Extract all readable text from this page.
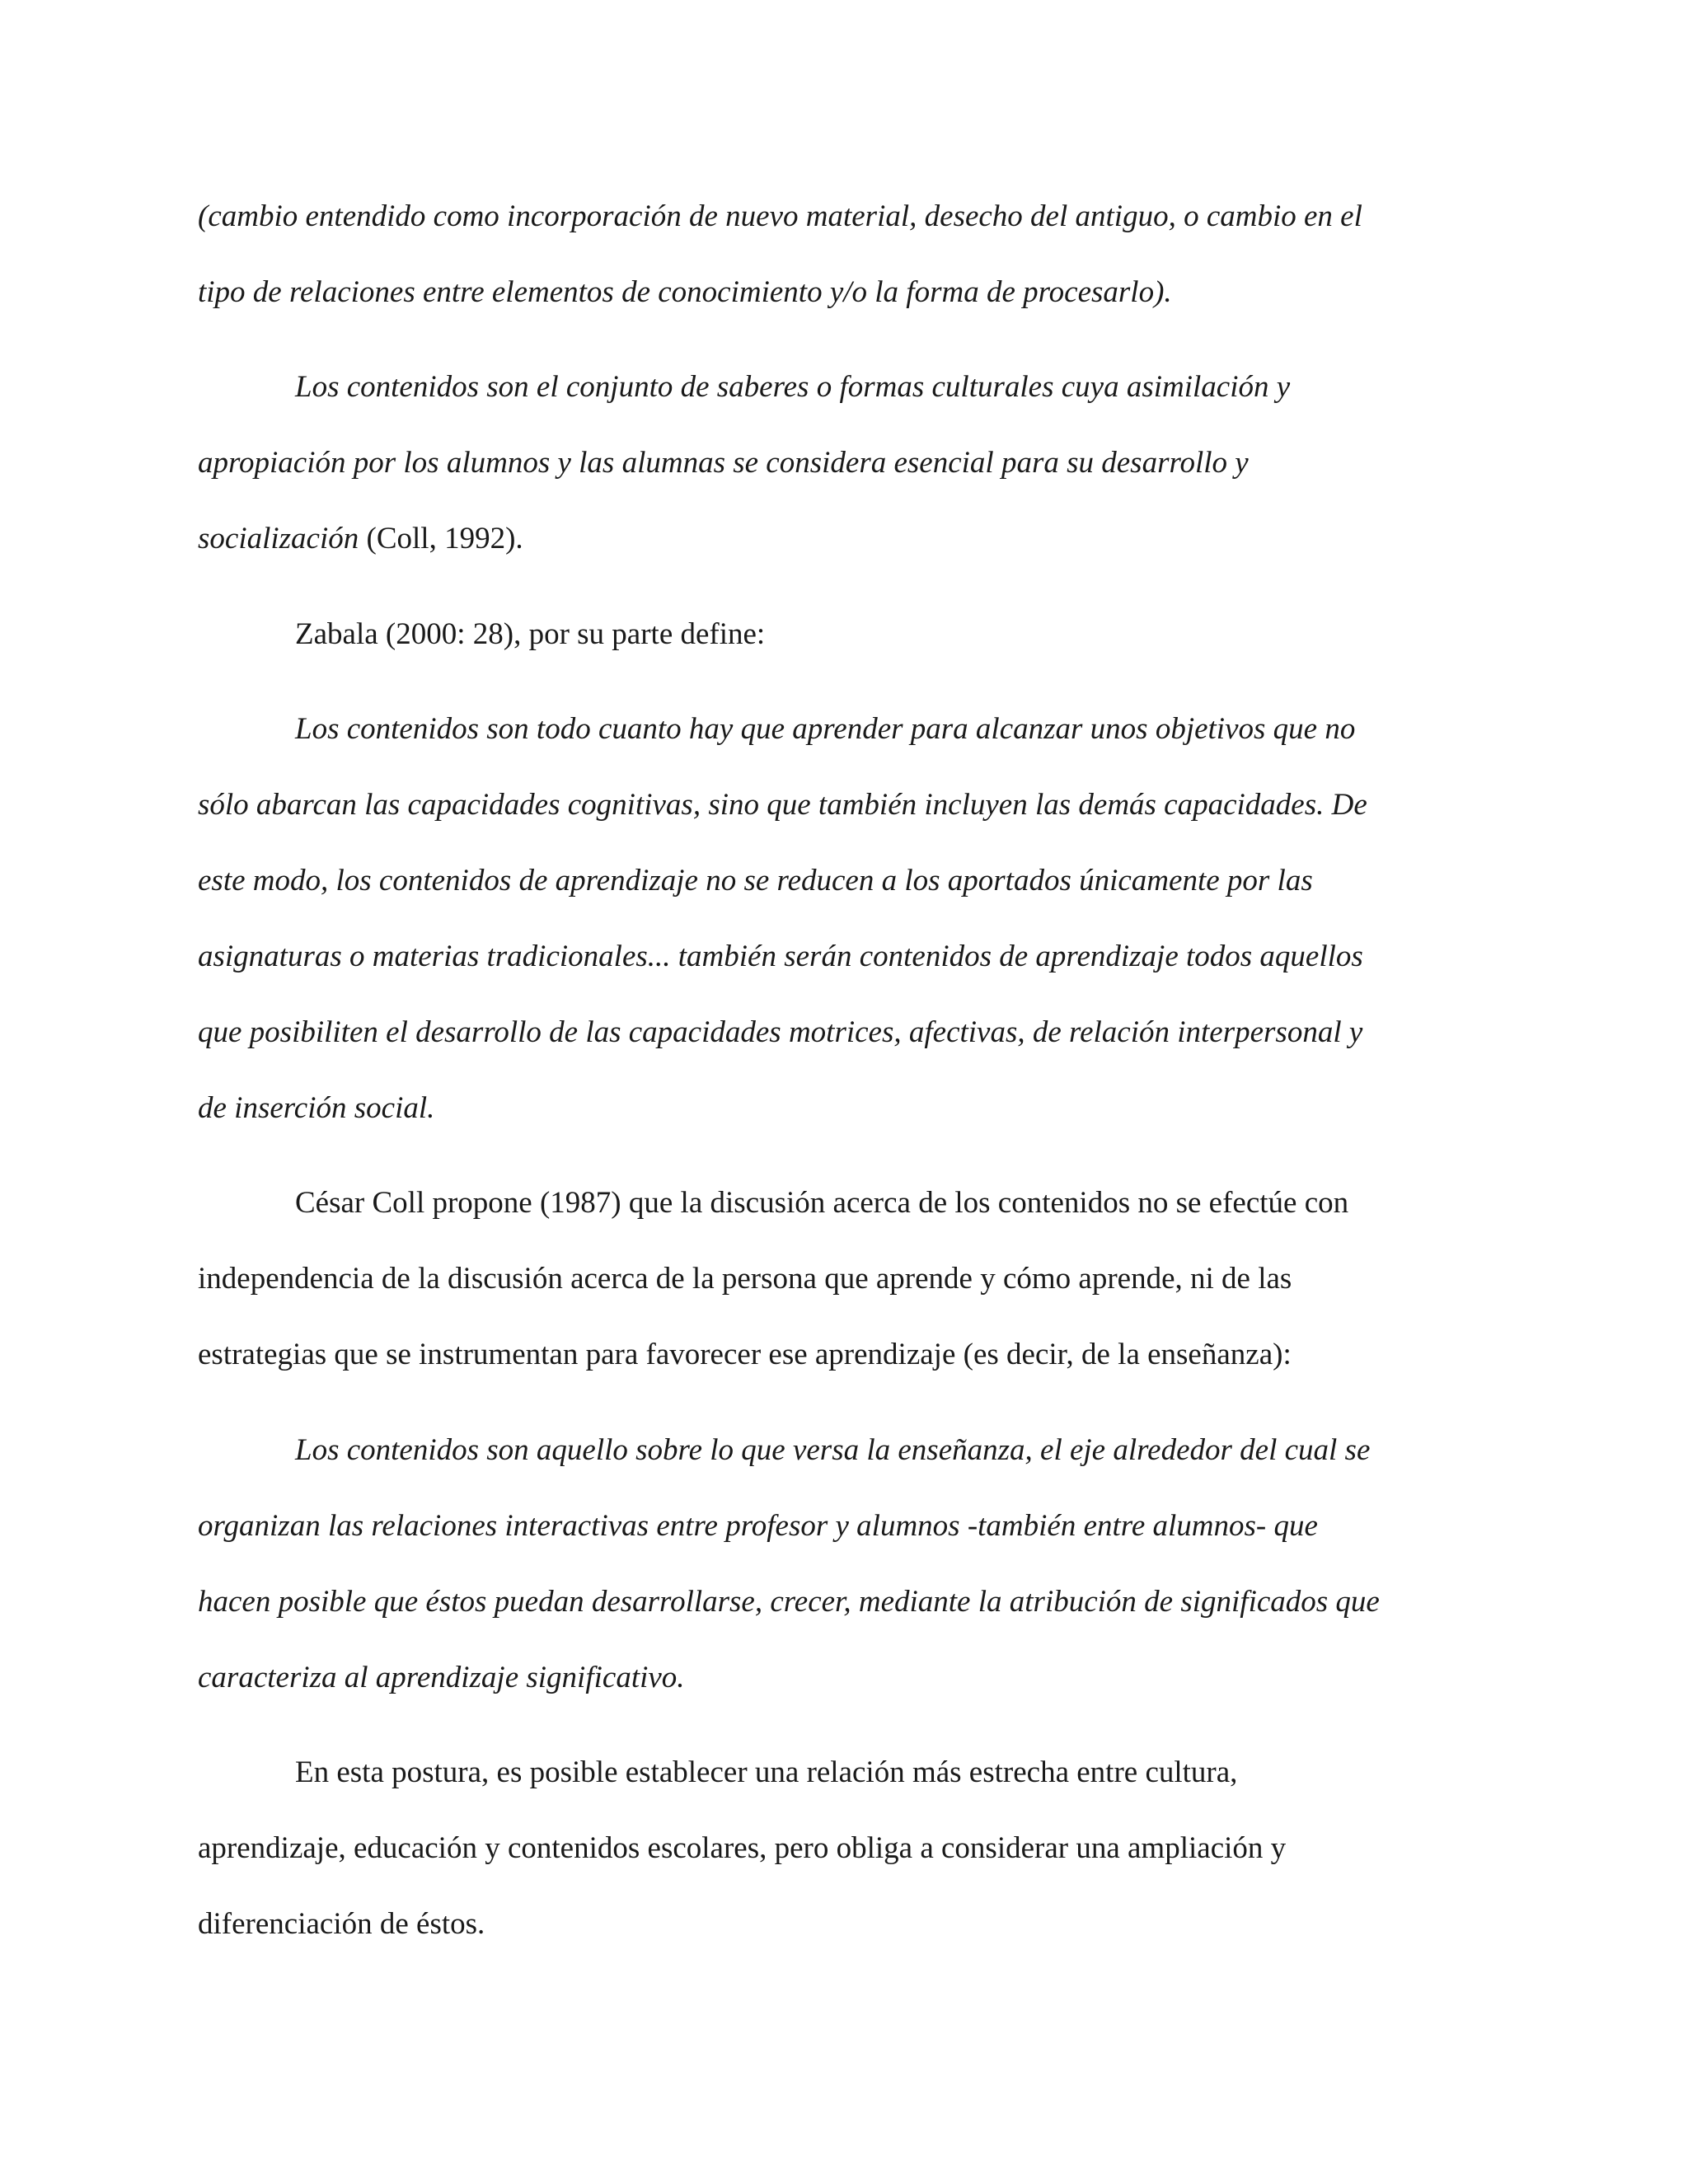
(cambio entendido como incorporación de nuevo material, desecho del antiguo, o cambio en el

tipo de relaciones entre elementos de conocimiento y/o la forma de procesarlo).

Los contenidos son el conjunto de saberes o formas culturales cuya asimilación y

apropiación por los alumnos y las alumnas se considera esencial para su desarrollo y

socialización (Coll, 1992).

Zabala (2000: 28), por su parte define:

Los contenidos son todo cuanto hay que aprender para alcanzar unos objetivos que no

sólo abarcan las capacidades cognitivas, sino que también incluyen las demás capacidades. De

este modo, los contenidos de aprendizaje no se reducen a los aportados únicamente por las

asignaturas o materias tradicionales... también serán contenidos de aprendizaje todos aquellos

que posibiliten el desarrollo de las capacidades motrices, afectivas, de relación interpersonal y

de inserción social.

César Coll propone (1987) que la discusión acerca de los contenidos no se efectúe con

independencia de la discusión acerca de la persona que aprende y cómo aprende, ni de las

estrategias que se instrumentan para favorecer ese aprendizaje (es decir, de la enseñanza):

Los contenidos son aquello sobre lo que versa la enseñanza, el eje alrededor del cual se

organizan las relaciones interactivas entre profesor y alumnos -también entre alumnos- que

hacen posible que éstos puedan desarrollarse, crecer, mediante la atribución de significados que

caracteriza al aprendizaje significativo.

En esta postura, es posible establecer una relación más estrecha entre cultura,

aprendizaje, educación y contenidos escolares, pero obliga a considerar una ampliación y

diferenciación de éstos.
